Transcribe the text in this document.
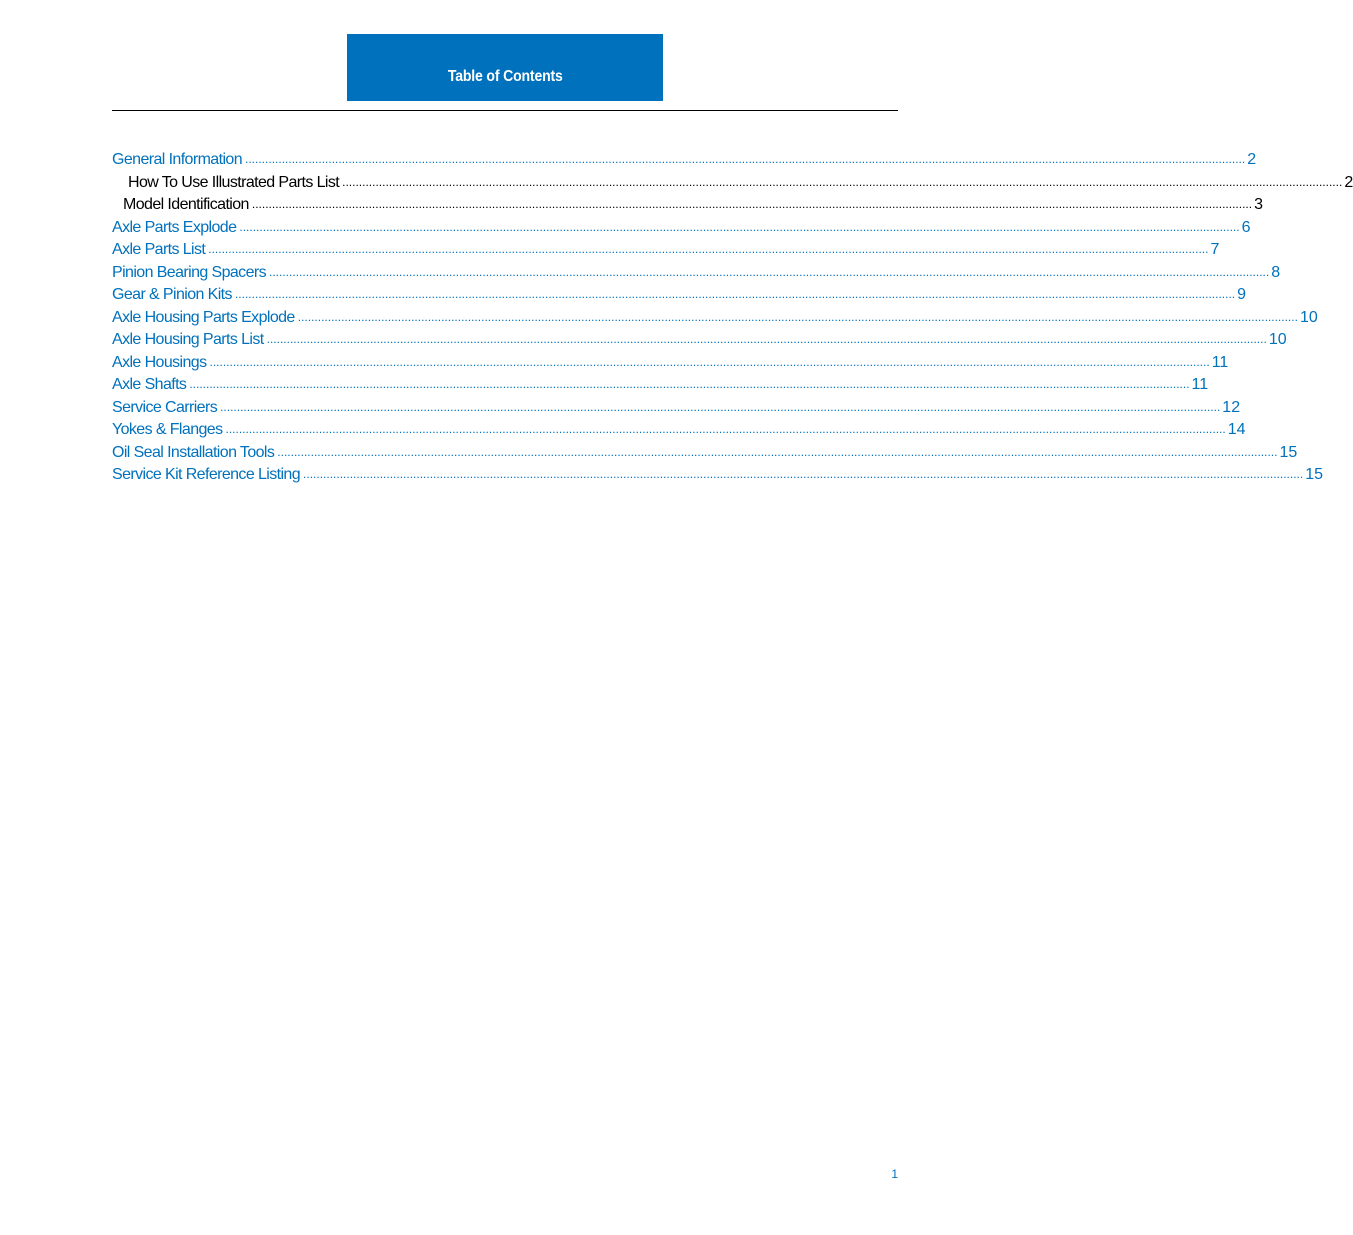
Table of Contents
General Information ............................................................................................................................................................................................................................................................................................................ 2
How To Use Illustrated Parts List ............................................................................................................................................................................................................................................................................................................ 2
Model Identification ............................................................................................................................................................................................................................................................................................................ 3
Axle Parts Explode ............................................................................................................................................................................................................................................................................................................ 6
Axle Parts List ............................................................................................................................................................................................................................................................................................................ 7
Pinion Bearing Spacers ............................................................................................................................................................................................................................................................................................................ 8
Gear & Pinion Kits ............................................................................................................................................................................................................................................................................................................ 9
Axle Housing Parts Explode ............................................................................................................................................................................................................................................................................................................ 10
Axle Housing Parts List ............................................................................................................................................................................................................................................................................................................ 10
Axle Housings ............................................................................................................................................................................................................................................................................................................ 11
Axle Shafts ............................................................................................................................................................................................................................................................................................................ 11
Service Carriers ............................................................................................................................................................................................................................................................................................................ 12
Yokes & Flanges ............................................................................................................................................................................................................................................................................................................ 14
Oil Seal Installation Tools ............................................................................................................................................................................................................................................................................................................ 15
Service Kit Reference Listing ............................................................................................................................................................................................................................................................................................................ 15
1
